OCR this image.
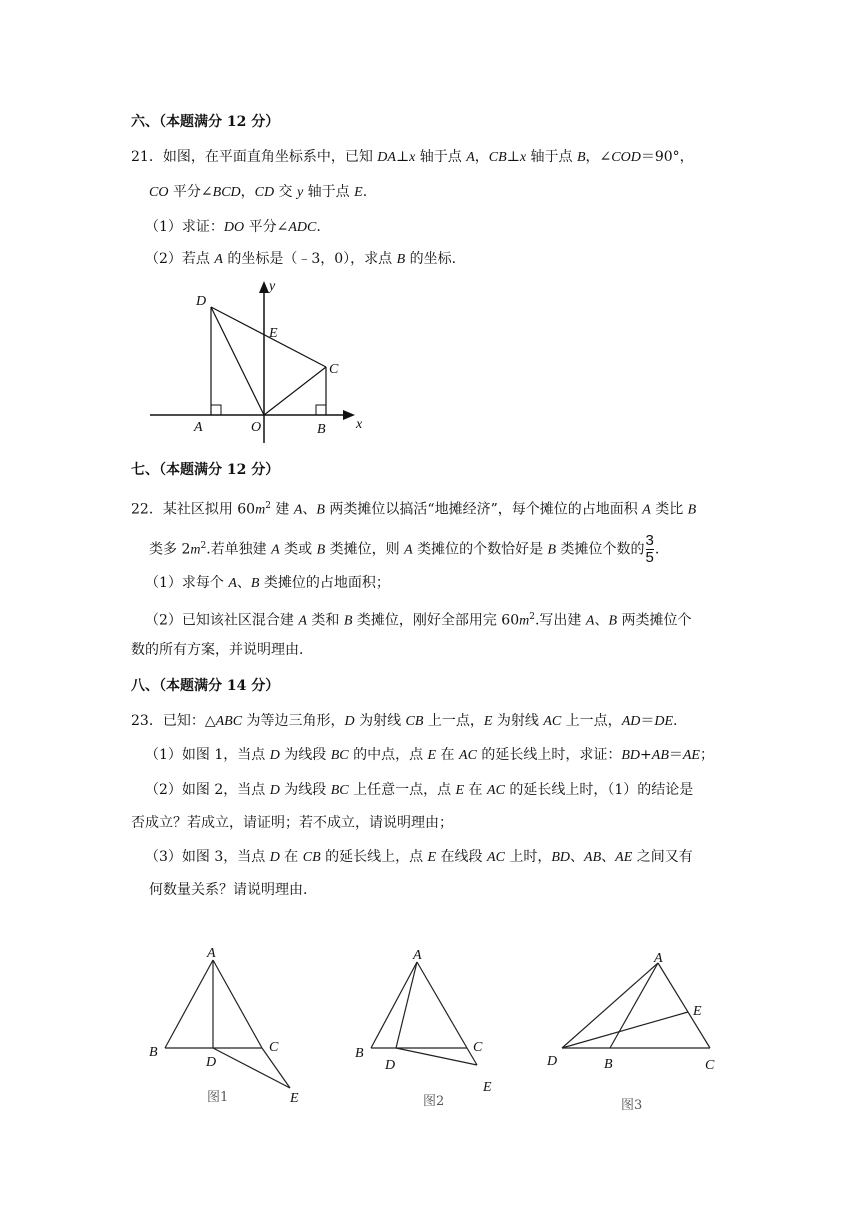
六、（本题满分 12 分）
21．如图，在平面直角坐标系中，已知 DA⊥x 轴于点 A，CB⊥x 轴于点 B，∠COD＝90°，
CO 平分∠BCD，CD 交 y 轴于点 E.
（1）求证：DO 平分∠ADC.
（2）若点 A 的坐标是（﹣3，0），求点 B 的坐标.
D
E
C
A	O	B x
y
七、（本题满分 12 分）
22．某社区拟用 $60m^2$ 建 A、B 两类摊位以搞活“地摊经济”，每个摊位的占地面积 A 类比 B
类多 $2m^2$.若单独建 A 类或 B 类摊位，则 A 类摊位的个数恰好是 B 类摊位个数的 $\frac{3}{5}$ .
（1）求每个 A、B 类摊位的占地面积；
（2）已知该社区混合建 A 类和 B 类摊位，刚好全部用完 $60m^2$.写出建 A、B 两类摊位个
数的所有方案，并说明理由.
八、（本题满分 14 分）
23．已知：△ABC 为等边三角形，D 为射线 CB 上一点，E 为射线 AC 上一点，AD＝DE.
（1）如图 1，当点 D 为线段 BC 的中点，点 E 在 AC 的延长线上时，求证：BD+AB＝AE；
（2）如图 2，当点 D 为线段 BC 上任意一点，点 E 在 AC 的延长线上时，（1）的结论是
否成立？若成立，请证明；若不成立，请说明理由；
（3）如图 3，当点 D 在 CB 的延长线上，点 E 在线段 AC 上时，BD、AB、AE 之间又有
何数量关系？请说明理由.
A
B	C
D
E
图1
A
B	C
D
E
图2
A
B	C
D
E
图3
